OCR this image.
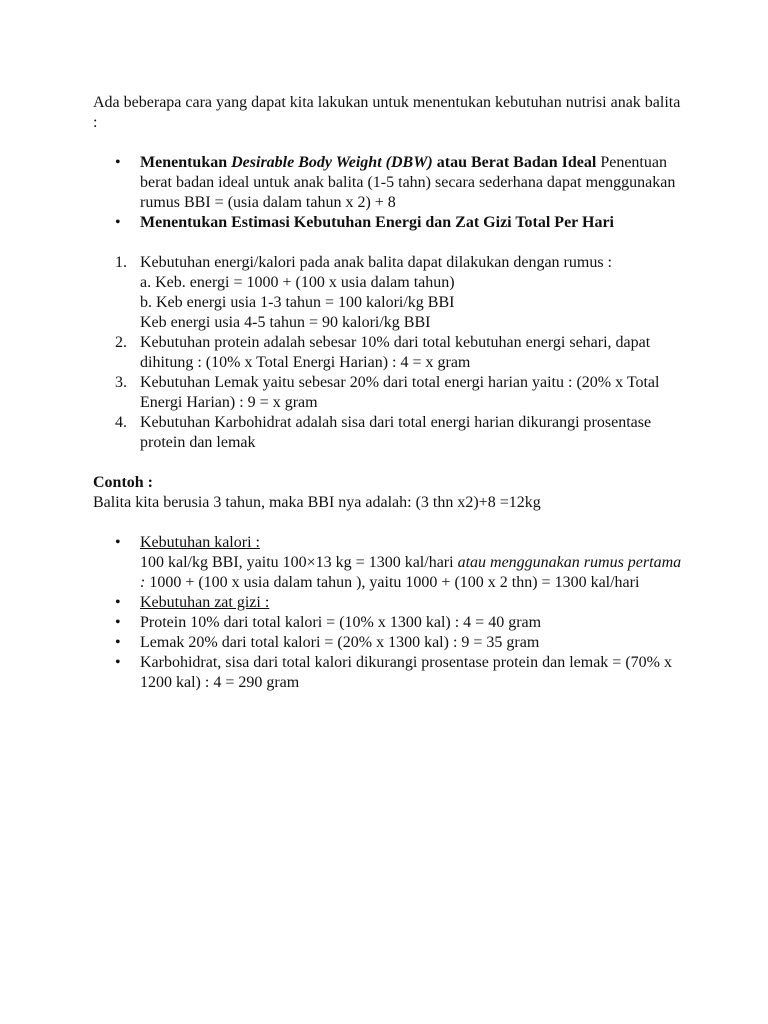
Ada beberapa cara yang dapat kita lakukan untuk menentukan kebutuhan nutrisi anak balita :

• Menentukan Desirable Body Weight (DBW) atau Berat Badan Ideal Penentuan berat badan ideal untuk anak balita (1-5 tahn) secara sederhana dapat menggunakan rumus BBI = (usia dalam tahun x 2) + 8
• Menentukan Estimasi Kebutuhan Energi dan Zat Gizi Total Per Hari
1. Kebutuhan energi/kalori pada anak balita dapat dilakukan dengan rumus :
a. Keb. energi = 1000 + (100 x usia dalam tahun)
b. Keb energi usia 1-3 tahun = 100 kalori/kg BBI
Keb energi usia 4-5 tahun = 90 kalori/kg BBI
2. Kebutuhan protein adalah sebesar 10% dari total kebutuhan energi sehari, dapat dihitung : (10% x Total Energi Harian) : 4 = x gram
3. Kebutuhan Lemak yaitu sebesar 20% dari total energi harian yaitu : (20% x Total Energi Harian) : 9 = x gram
4. Kebutuhan Karbohidrat adalah sisa dari total energi harian dikurangi prosentase protein dan lemak

Contoh :

Balita kita berusia 3 tahun, maka BBI nya adalah: (3 thn x2)+8 =12kg

• Kebutuhan kalori :
100 kal/kg BBI, yaitu 100×13 kg = 1300 kal/hari atau menggunakan rumus pertama : 1000 + (100 x usia dalam tahun ), yaitu 1000 + (100 x 2 thn) = 1300 kal/hari
• Kebutuhan zat gizi :
• Protein 10% dari total kalori = (10% x 1300 kal) : 4 = 40 gram
• Lemak 20% dari total kalori = (20% x 1300 kal) : 9 = 35 gram
• Karbohidrat, sisa dari total kalori dikurangi prosentase protein dan lemak = (70% x 1200 kal) : 4 = 290 gram
